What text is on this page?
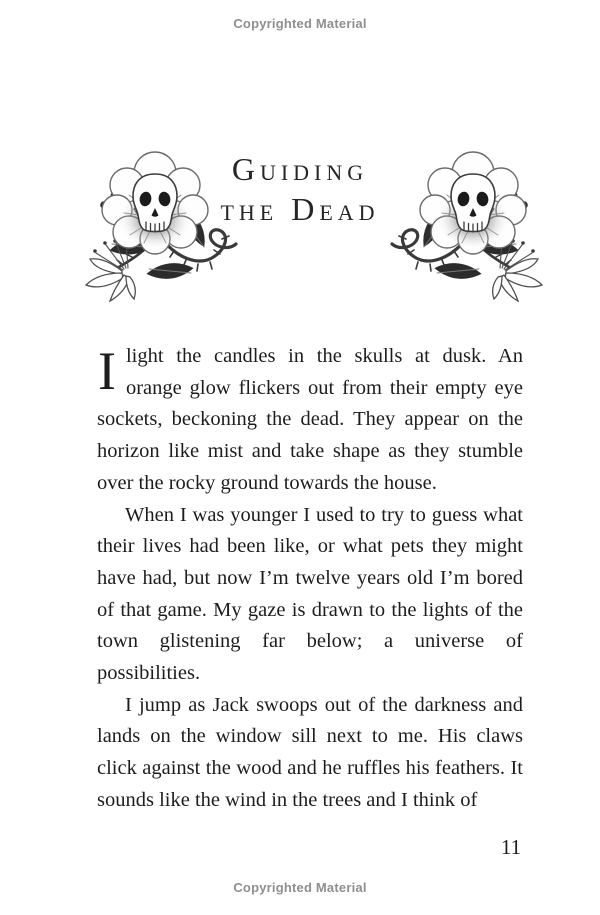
Copyrighted Material
Guiding
the Dead

I light the candles in the skulls at dusk. An orange glow flickers out from their empty eye sockets, beckoning the dead. They appear on the horizon like mist and take shape as they stumble over the rocky ground towards the house.

When I was younger I used to try to guess what their lives had been like, or what pets they might have had, but now I’m twelve years old I’m bored of that game. My gaze is drawn to the lights of the town glistening far below; a universe of possibilities.

I jump as Jack swoops out of the darkness and lands on the window sill next to me. His claws click against the wood and he ruffles his feathers. It sounds like the wind in the trees and I think of

11
Copyrighted Material
